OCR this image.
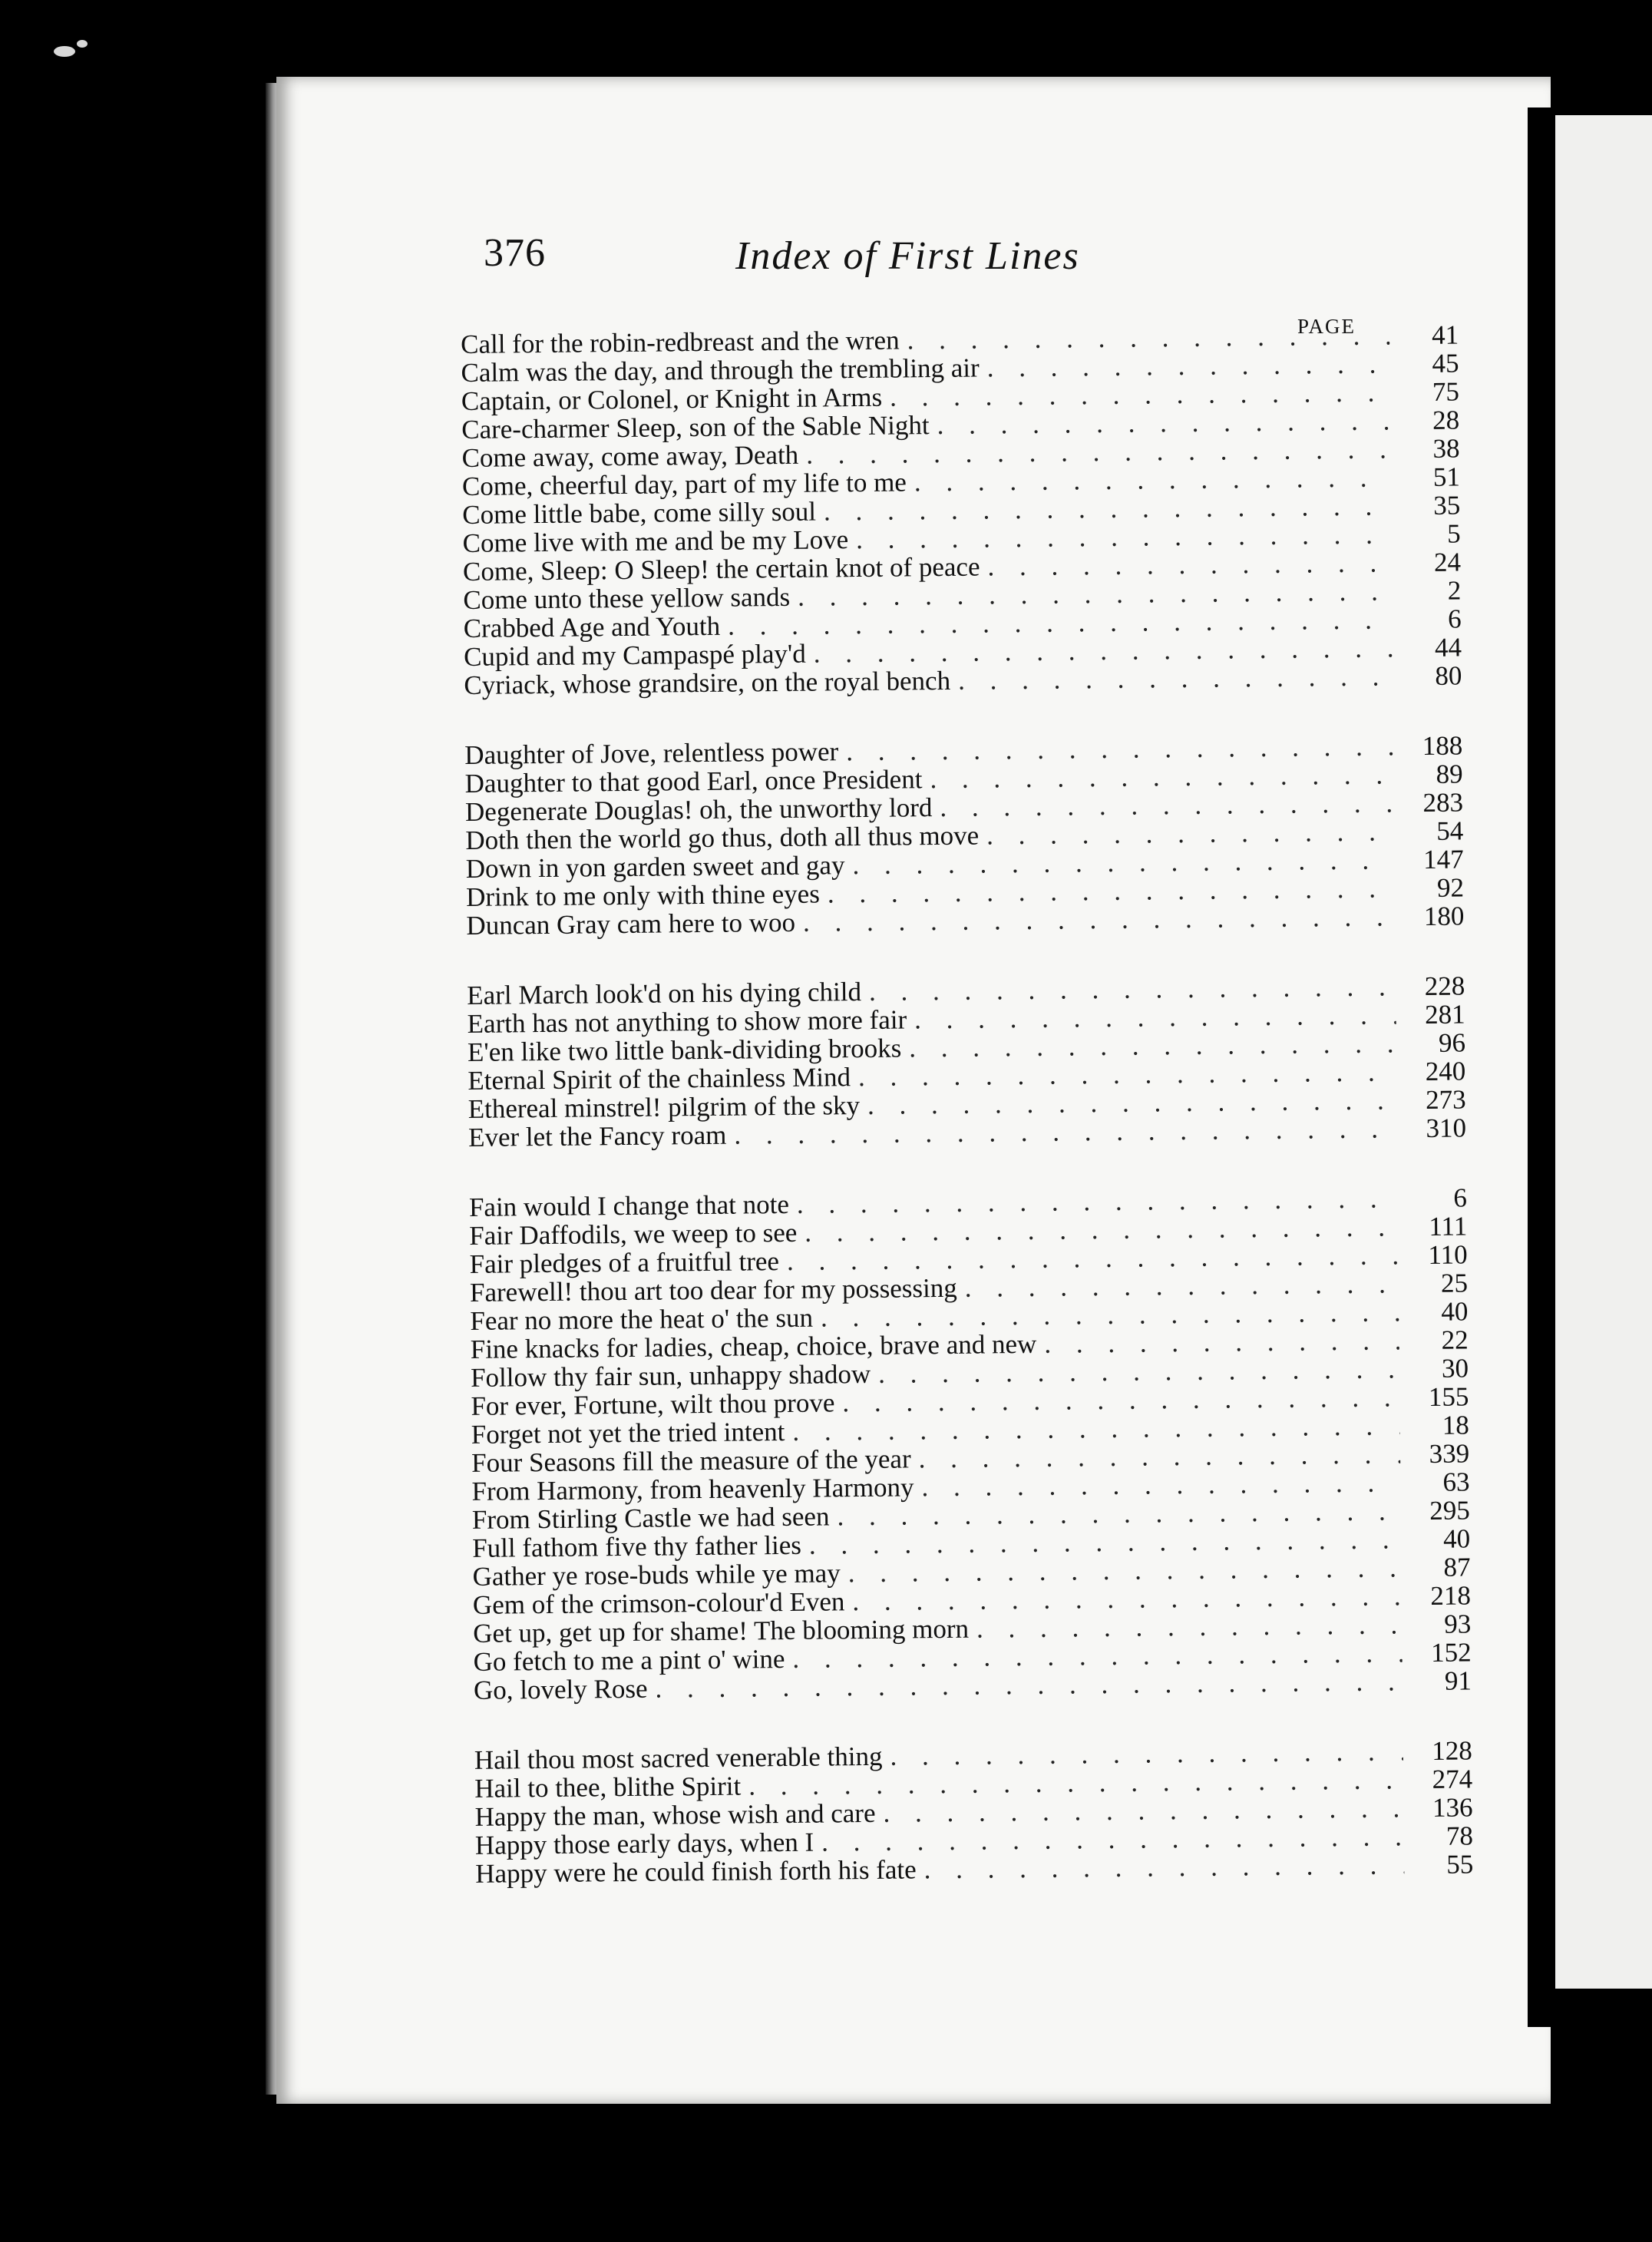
376	Index of First Lines
PAGE
Call for the robin-redbreast and the wren . . .	41
Calm was the day, and through the trembling air . . .	45
Captain, or Colonel, or Knight in Arms . . .	75
Care-charmer Sleep, son of the Sable Night . . .	28
Come away, come away, Death . . .	38
Come, cheerful day, part of my life to me . . .	51
Come little babe, come silly soul . . .	35
Come live with me and be my Love . . .	5
Come, Sleep: O Sleep! the certain knot of peace . . .	24
Come unto these yellow sands . . .	2
Crabbed Age and Youth . . .	6
Cupid and my Campaspé play'd . . .	44
Cyriack, whose grandsire, on the royal bench . . .	80
Daughter of Jove, relentless power . . .	188
Daughter to that good Earl, once President . . .	89
Degenerate Douglas! oh, the unworthy lord . . .	283
Doth then the world go thus, doth all thus move . . .	54
Down in yon garden sweet and gay . . .	147
Drink to me only with thine eyes . . .	92
Duncan Gray cam here to woo . . .	180
Earl March look'd on his dying child . . .	228
Earth has not anything to show more fair . . .	281
E'en like two little bank-dividing brooks . . .	96
Eternal Spirit of the chainless Mind . . .	240
Ethereal minstrel! pilgrim of the sky . . .	273
Ever let the Fancy roam . . .	310
Fain would I change that note . . .	6
Fair Daffodils, we weep to see . . .	111
Fair pledges of a fruitful tree . . .	110
Farewell! thou art too dear for my possessing . . .	25
Fear no more the heat o' the sun . . .	40
Fine knacks for ladies, cheap, choice, brave and new . . .	22
Follow thy fair sun, unhappy shadow . . .	30
For ever, Fortune, wilt thou prove . . .	155
Forget not yet the tried intent . . .	18
Four Seasons fill the measure of the year . . .	339
From Harmony, from heavenly Harmony . . .	63
From Stirling Castle we had seen . . .	295
Full fathom five thy father lies . . .	40
Gather ye rose-buds while ye may . . .	87
Gem of the crimson-colour'd Even . . .	218
Get up, get up for shame! The blooming morn . . .	93
Go fetch to me a pint o' wine . . .	152
Go, lovely Rose . . .	91
Hail thou most sacred venerable thing . . .	128
Hail to thee, blithe Spirit . . .	274
Happy the man, whose wish and care . . .	136
Happy those early days, when I . . .	78
Happy were he could finish forth his fate . . .	55
